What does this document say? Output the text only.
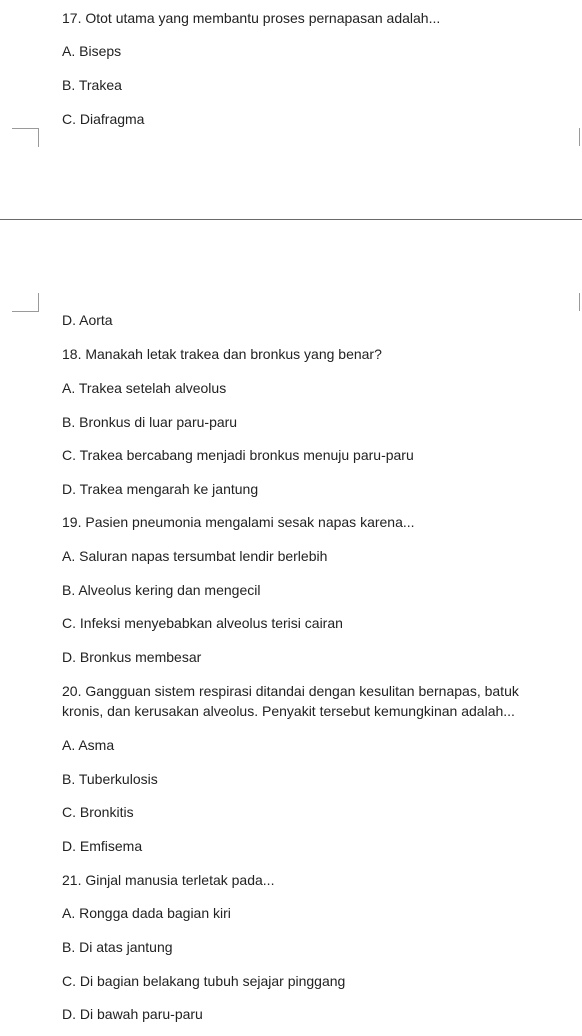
17. Otot utama yang membantu proses pernapasan adalah...
A. Biseps
B. Trakea
C. Diafragma
D. Aorta
18. Manakah letak trakea dan bronkus yang benar?
A. Trakea setelah alveolus
B. Bronkus di luar paru-paru
C. Trakea bercabang menjadi bronkus menuju paru-paru
D. Trakea mengarah ke jantung
19. Pasien pneumonia mengalami sesak napas karena...
A. Saluran napas tersumbat lendir berlebih
B. Alveolus kering dan mengecil
C. Infeksi menyebabkan alveolus terisi cairan
D. Bronkus membesar
20. Gangguan sistem respirasi ditandai dengan kesulitan bernapas, batuk kronis, dan kerusakan alveolus. Penyakit tersebut kemungkinan adalah...
A. Asma
B. Tuberkulosis
C. Bronkitis
D. Emfisema
21. Ginjal manusia terletak pada...
A. Rongga dada bagian kiri
B. Di atas jantung
C. Di bagian belakang tubuh sejajar pinggang
D. Di bawah paru-paru
